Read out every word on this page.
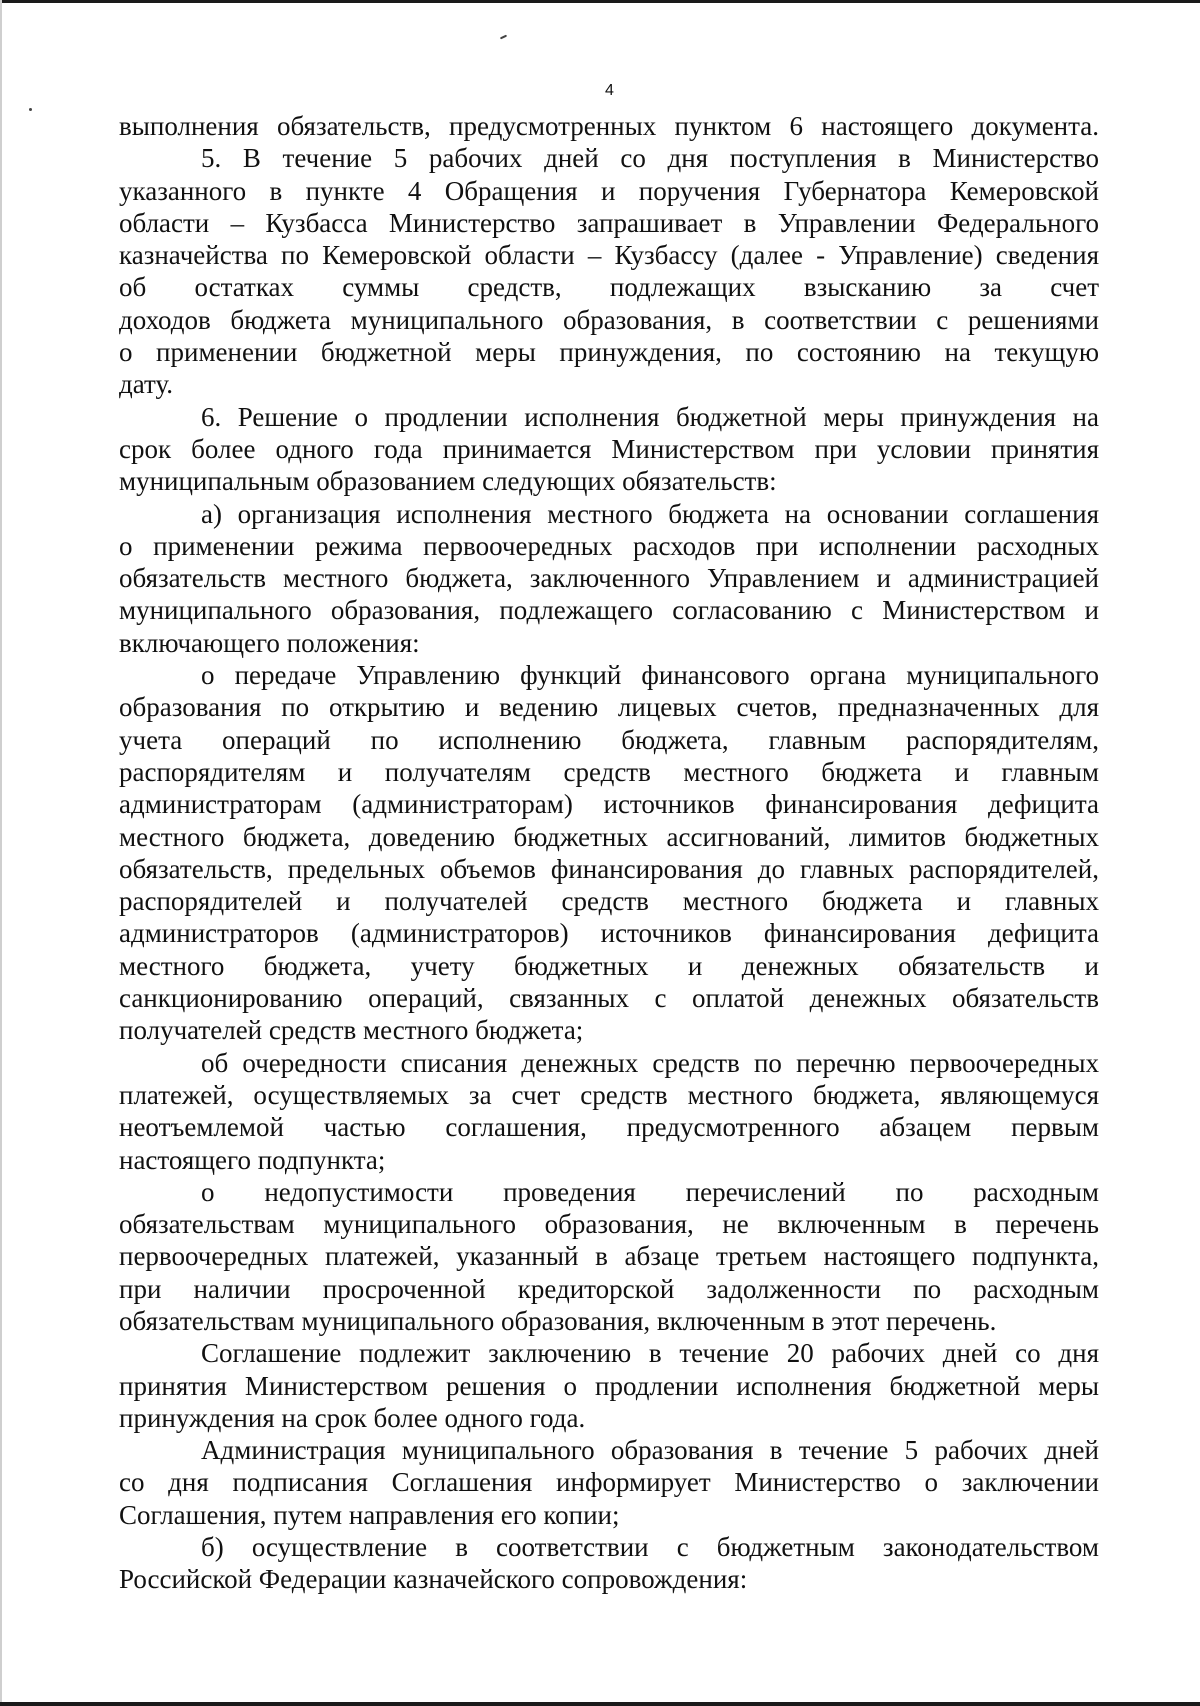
4
выполнения обязательств, предусмотренных пунктом 6 настоящего документа.
5. В течение 5 рабочих дней со дня поступления в Министерство
указанного в пункте 4 Обращения и поручения Губернатора Кемеровской
области – Кузбасса Министерство запрашивает в Управлении Федерального
казначейства по Кемеровской области – Кузбассу (далее - Управление) сведения
об остатках суммы средств, подлежащих взысканию за счет
доходов бюджета муниципального образования, в соответствии с решениями
о применении бюджетной меры принуждения, по состоянию на текущую
дату.
6. Решение о продлении исполнения бюджетной меры принуждения на
срок более одного года принимается Министерством при условии принятия
муниципальным образованием следующих обязательств:
а) организация исполнения местного бюджета на основании соглашения
о применении режима первоочередных расходов при исполнении расходных
обязательств местного бюджета, заключенного Управлением и администрацией
муниципального образования, подлежащего согласованию с Министерством и
включающего положения:
о передаче Управлению функций финансового органа муниципального
образования по открытию и ведению лицевых счетов, предназначенных для
учета операций по исполнению бюджета, главным распорядителям,
распорядителям и получателям средств местного бюджета и главным
администраторам (администраторам) источников финансирования дефицита
местного бюджета, доведению бюджетных ассигнований, лимитов бюджетных
обязательств, предельных объемов финансирования до главных распорядителей,
распорядителей и получателей средств местного бюджета и главных
администраторов (администраторов) источников финансирования дефицита
местного бюджета, учету бюджетных и денежных обязательств и
санкционированию операций, связанных с оплатой денежных обязательств
получателей средств местного бюджета;
об очередности списания денежных средств по перечню первоочередных
платежей, осуществляемых за счет средств местного бюджета, являющемуся
неотъемлемой частью соглашения, предусмотренного абзацем первым
настоящего подпункта;
о недопустимости проведения перечислений по расходным
обязательствам муниципального образования, не включенным в перечень
первоочередных платежей, указанный в абзаце третьем настоящего подпункта,
при наличии просроченной кредиторской задолженности по расходным
обязательствам муниципального образования, включенным в этот перечень.
Соглашение подлежит заключению в течение 20 рабочих дней со дня
принятия Министерством решения о продлении исполнения бюджетной меры
принуждения на срок более одного года.
Администрация муниципального образования в течение 5 рабочих дней
со дня подписания Соглашения информирует Министерство о заключении
Соглашения, путем направления его копии;
б) осуществление в соответствии с бюджетным законодательством
Российской Федерации казначейского сопровождения:
